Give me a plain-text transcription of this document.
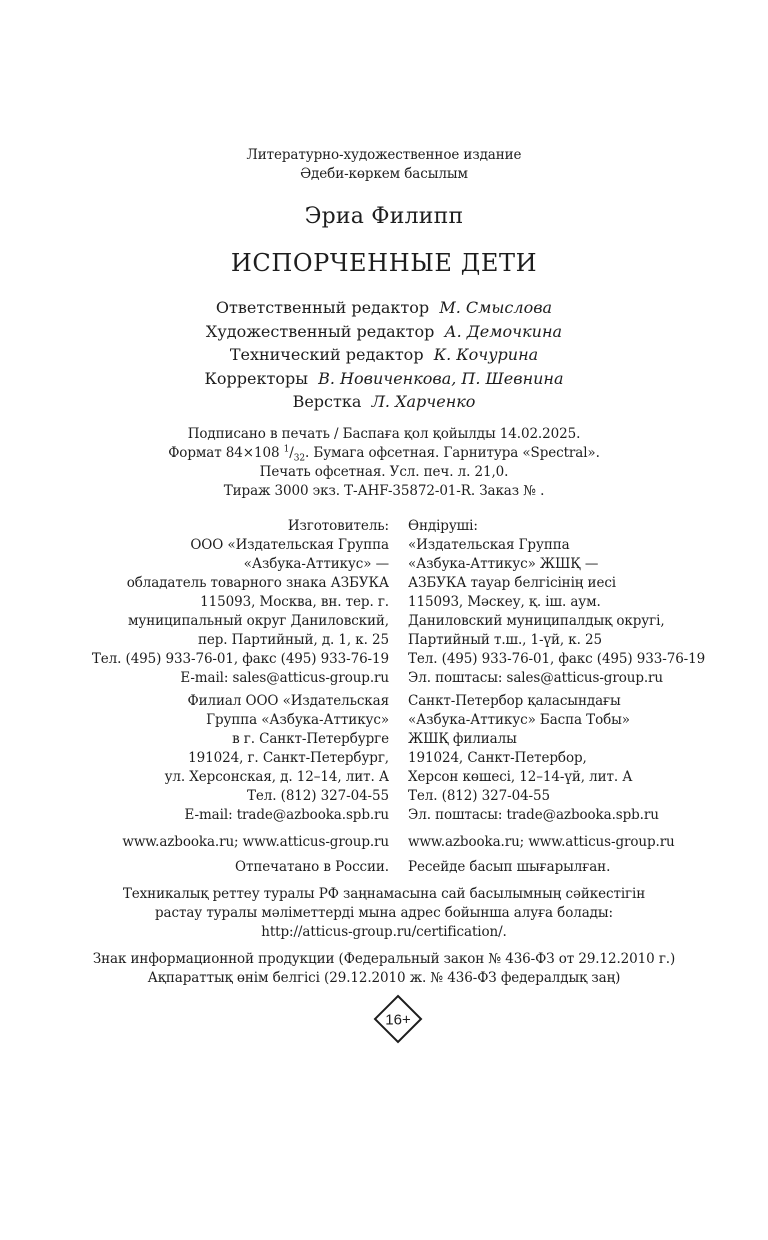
Литературно-художественное издание
Әдеби-көркем басылым
Эриа Филипп
ИСПОРЧЕННЫЕ ДЕТИ
Ответственный редактор М. Смыслова
Художественный редактор А. Демочкина
Технический редактор К. Кочурина
Корректоры В. Новиченкова, П. Шевнина
Верстка Л. Харченко
Подписано в печать / Баспаға қол қойылды 14.02.2025.
Формат 84×108 $^1/_{32}$. Бумага офсетная. Гарнитура «Spectral».
Печать офсетная. Усл. печ. л. 21,0.
Тираж 3000 экз. Т-АНF-35872-01-R. Заказ № .
Изготовитель:
ООО «Издательская Группа
«Азбука-Аттикус» —
обладатель товарного знака АЗБУКА
115093, Москва, вн. тер. г.
муниципальный округ Даниловский,
пер. Партийный, д. 1, к. 25
Тел. (495) 933-76-01, факс (495) 933-76-19
E-mail: sales@atticus-group.ru
Өндіруші:
«Издательская Группа
«Азбука-Аттикус» ЖШҚ —
АЗБУКА тауар белгісінің иесі
115093, Мәскеу, қ. іш. аум.
Даниловский муниципалдық округі,
Партийный т.ш., 1-үй, к. 25
Тел. (495) 933-76-01, факс (495) 933-76-19
Эл. поштасы: sales@atticus-group.ru
Филиал ООО «Издательская
Группа «Азбука-Аттикус»
в г. Санкт-Петербурге
191024, г. Санкт-Петербург,
ул. Херсонская, д. 12–14, лит. А
Тел. (812) 327-04-55
E-mail: trade@azbooka.spb.ru
Санкт-Петербор қаласындағы
«Азбука-Аттикус» Баспа Тобы»
ЖШҚ филиалы
191024, Санкт-Петербор,
Херсон көшесі, 12–14-үй, лит. А
Тел. (812) 327-04-55
Эл. поштасы: trade@azbooka.spb.ru
www.azbooka.ru; www.atticus-group.ru www.azbooka.ru; www.atticus-group.ru
Отпечатано в России. Ресейде басып шығарылған.
Техникалық реттеу туралы РФ заңнамасына сай басылымның сәйкестігін
растау туралы мәліметтерді мына адрес бойынша алуға болады:
http://atticus-group.ru/certification/.
Знак информационной продукции (Федеральный закон № 436-ФЗ от 29.12.2010 г.)
Ақпараттық өнім белгісі (29.12.2010 ж. № 436-ФЗ федералдық заң)
16+
